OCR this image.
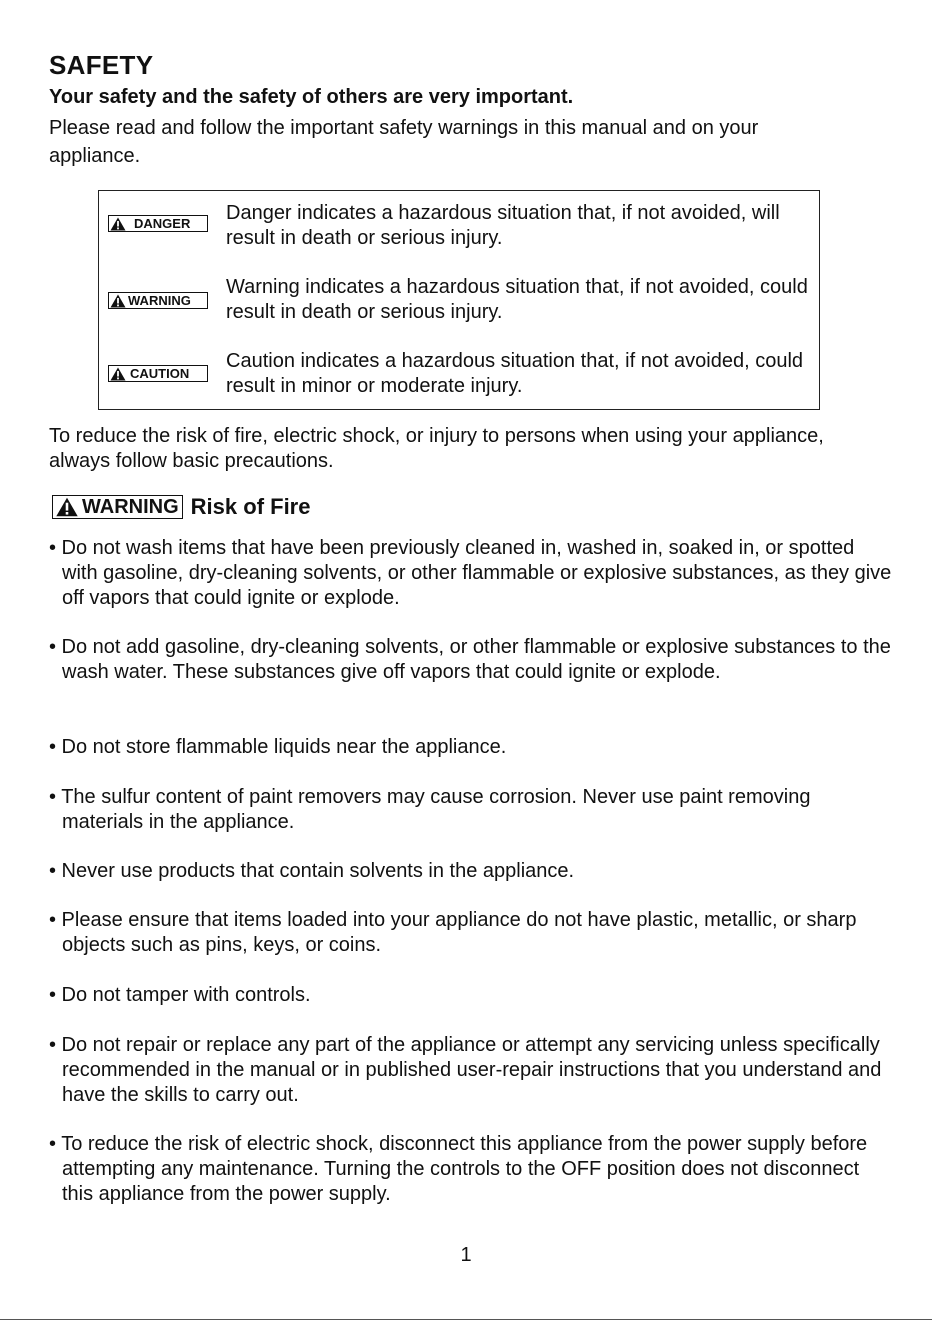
SAFETY
Your safety and the safety of others are very important.
Please read and follow the important safety warnings in this manual and on your appliance.
DANGER Danger indicates a hazardous situation that, if not avoided, will result in death or serious injury.
WARNING
Warning indicates a hazardous situation that, if not avoided, could result in death or serious injury.
CAUTION
Caution indicates a hazardous situation that, if not avoided, could result in minor or moderate injury.
To reduce the risk of fire, electric shock, or injury to persons when using your appliance, always follow basic precautions.
WARNING Risk of Fire
• Do not wash items that have been previously cleaned in, washed in, soaked in, or spotted with gasoline, dry-cleaning solvents, or other flammable or explosive substances, as they give off vapors that could ignite or explode.
• Do not add gasoline, dry-cleaning solvents, or other flammable or explosive substances to the wash water. These substances give off vapors that could ignite or explode.
• Do not store flammable liquids near the appliance.
• The sulfur content of paint removers may cause corrosion. Never use paint removing materials in the appliance.
• Never use products that contain solvents in the appliance.
• Please ensure that items loaded into your appliance do not have plastic, metallic, or sharp objects such as pins, keys, or coins.
• Do not tamper with controls.
• Do not repair or replace any part of the appliance or attempt any servicing unless specifically recommended in the manual or in published user-repair instructions that you understand and have the skills to carry out.
• To reduce the risk of electric shock, disconnect this appliance from the power supply before attempting any maintenance. Turning the controls to the OFF position does not disconnect this appliance from the power supply.
1
